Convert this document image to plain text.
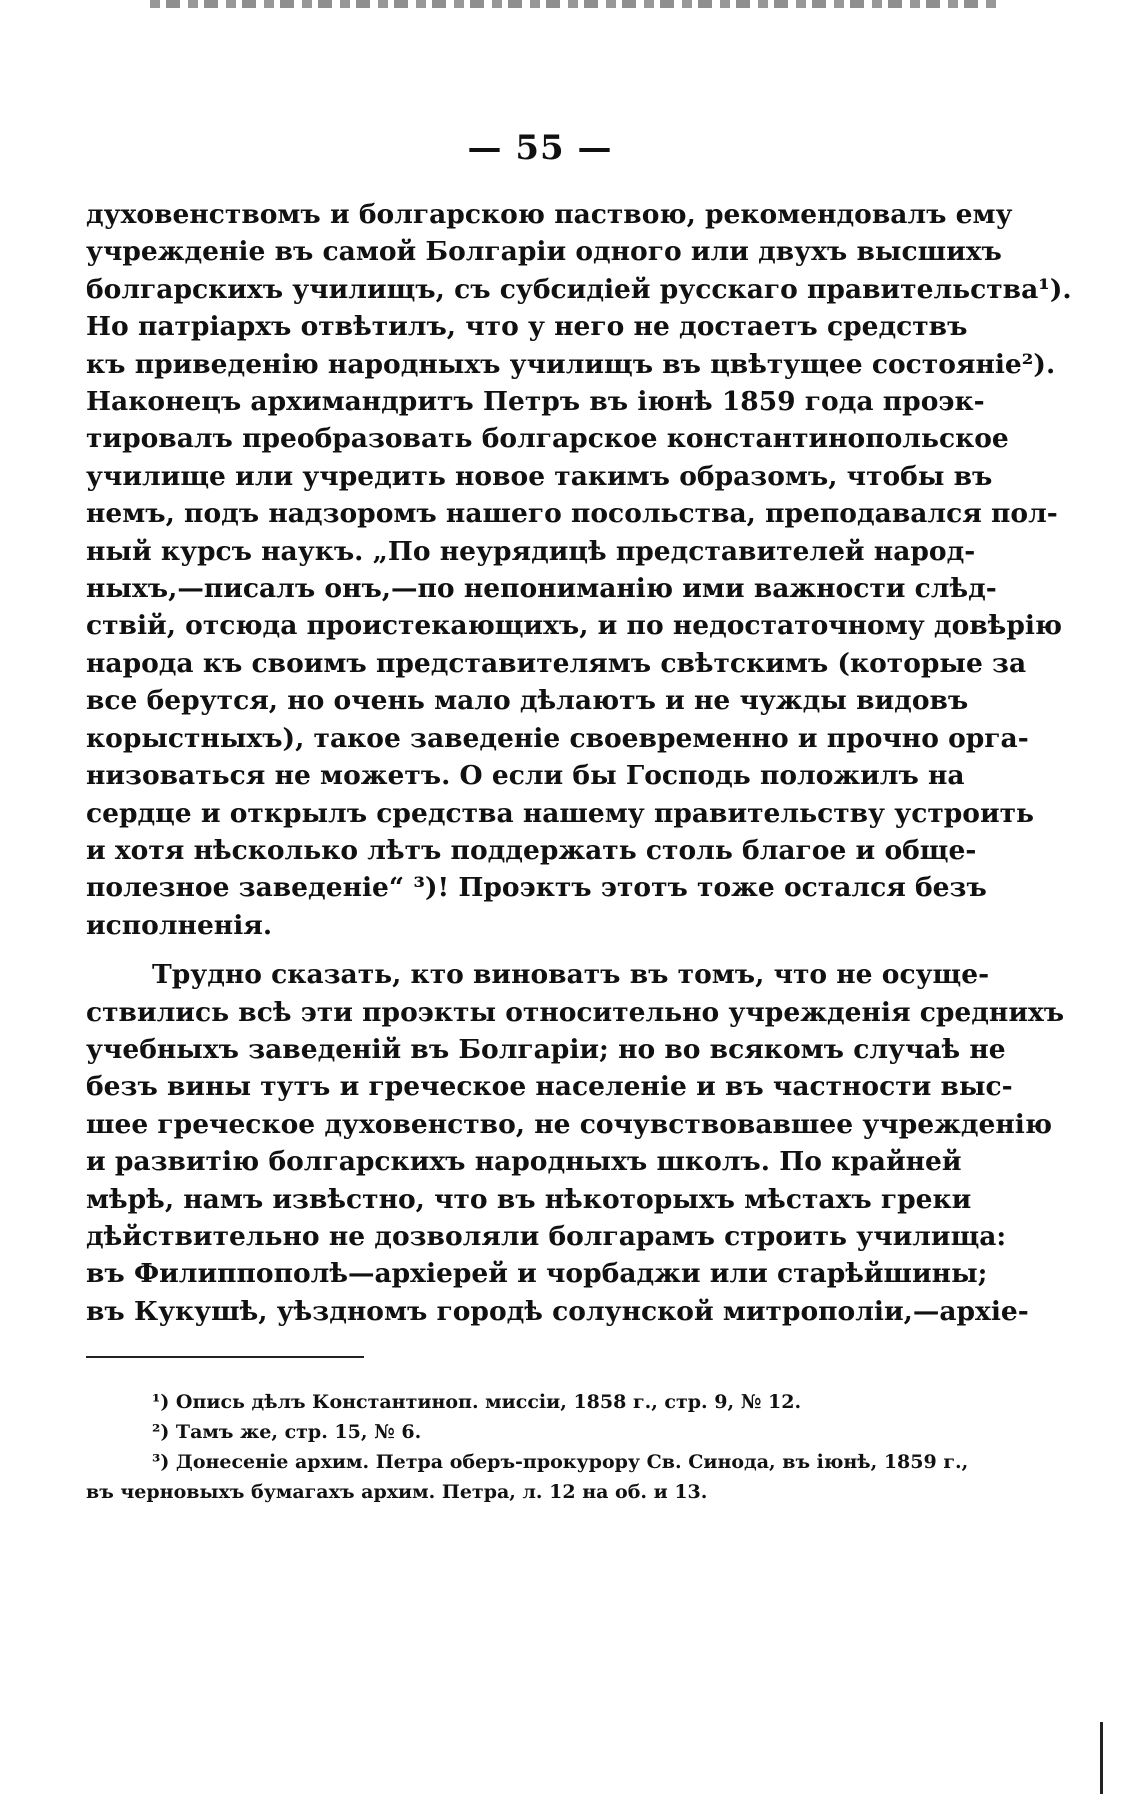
— 55 —
духовенствомъ и болгарскою паствою, рекомендовалъ ему
учрежденіе въ самой Болгаріи одного или двухъ высшихъ
болгарскихъ училищъ, съ субсидіей русскаго правительства¹).
Но патріархъ отвѣтилъ, что у него не достаетъ средствъ
къ приведенію народныхъ училищъ въ цвѣтущее состояніе²).
Наконецъ архимандритъ Петръ въ іюнѣ 1859 года проэк-
тировалъ преобразовать болгарское константинопольское
училище или учредить новое такимъ образомъ, чтобы въ
немъ, подъ надзоромъ нашего посольства, преподавался пол-
ный курсъ наукъ. „По неурядицѣ представителей народ-
ныхъ,—писалъ онъ,—по непониманію ими важности слѣд-
ствій, отсюда проистекающихъ, и по недостаточному довѣрію
народа къ своимъ представителямъ свѣтскимъ (которые за
все берутся, но очень мало дѣлаютъ и не чужды видовъ
корыстныхъ), такое заведеніе своевременно и прочно орга-
низоваться не можетъ. О если бы Господь положилъ на
сердце и открылъ средства нашему правительству устроить
и хотя нѣсколько лѣтъ поддержать столь благое и обще-
полезное заведеніе“ ³)! Проэктъ этотъ тоже остался безъ
исполненія.
Трудно сказать, кто виноватъ въ томъ, что не осуще-
ствились всѣ эти проэкты относительно учрежденія среднихъ
учебныхъ заведеній въ Болгаріи; но во всякомъ случаѣ не
безъ вины тутъ и греческое населеніе и въ частности выс-
шее греческое духовенство, не сочувствовавшее учрежденію
и развитію болгарскихъ народныхъ школъ. По крайней
мѣрѣ, намъ извѣстно, что въ нѣкоторыхъ мѣстахъ греки
дѣйствительно не дозволяли болгарамъ строить училища:
въ Филиппополѣ—архіерей и чорбаджи или старѣйшины;
въ Кукушѣ, уѣздномъ городѣ солунской митрополіи,—архіе-
¹) Опись дѣлъ Константиноп. миссіи, 1858 г., стр. 9, № 12.
²) Тамъ же, стр. 15, № 6.
³) Донесеніе архим. Петра оберъ-прокурору Св. Синода, въ іюнѣ, 1859 г.,
въ черновыхъ бумагахъ архим. Петра, л. 12 на об. и 13.
